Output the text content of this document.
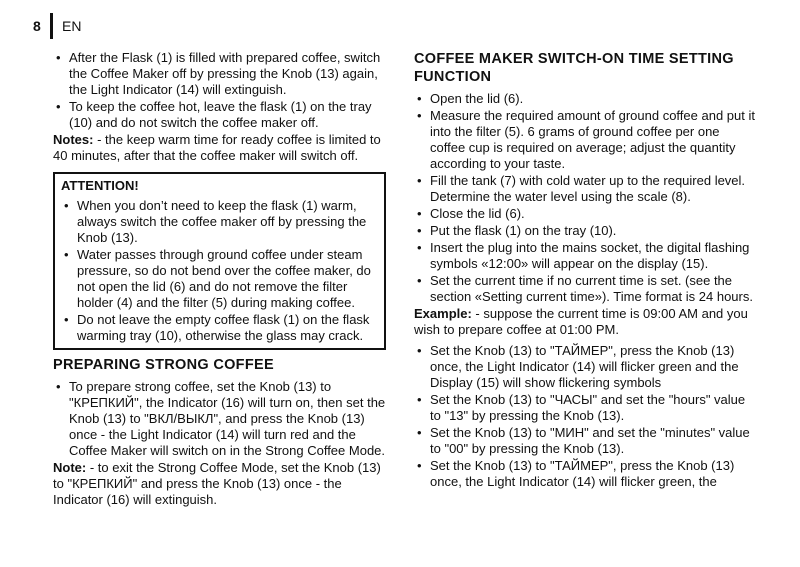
8 EN
• After the Flask (1) is filled with prepared coffee, switch the Coffee Maker off by pressing the Knob (13) again, the Light Indicator (14) will extinguish.
• To keep the coffee hot, leave the flask (1) on the tray (10) and do not switch the coffee maker off.

Notes: - the keep warm time for ready coffee is limited to 40 minutes, after that the coffee maker will switch off.

ATTENTION!
• When you don’t need to keep the flask (1) warm, always switch the coffee maker off by pressing the Knob (13).
• Water passes through ground coffee under steam pressure, so do not bend over the coffee maker, do not open the lid (6) and do not remove the filter holder (4) and the filter (5) during making coffee.
• Do not leave the empty coffee flask (1) on the flask warming tray (10), otherwise the glass may crack.
PREPARING STRONG COFFEE
• To prepare strong coffee, set the Knob (13) to "КРЕПКИЙ", the Indicator (16) will turn on, then set the Knob (13) to "ВКЛ/ВЫКЛ", and press the Knob (13) once - the Light Indicator (14) will turn red and the Coffee Maker will switch on in the Strong Coffee Mode.

Note: - to exit the Strong Coffee Mode, set the Knob (13) to "КРЕПКИЙ" and press the Knob (13) once - the Indicator (16) will extinguish.

COFFEE MAKER SWITCH-ON TIME SETTING FUNCTION
• Open the lid (6).
• Measure the required amount of ground coffee and put it into the filter (5). 6 grams of ground coffee per one coffee cup is required on average; adjust the quantity according to your taste.
• Fill the tank (7) with cold water up to the required level. Determine the water level using the scale (8).
• Close the lid (6).
• Put the flask (1) on the tray (10).
• Insert the plug into the mains socket, the digital flashing symbols «12:00» will appear on the display (15).
• Set the current time if no current time is set. (see the section «Setting current time»). Time format is 24 hours.

Example: - suppose the current time is 09:00 AM and you wish to prepare coffee at 01:00 PM.

• Set the Knob (13) to "ТАЙМЕР", press the Knob (13) once, the Light Indicator (14) will flicker green and the Display (15) will show flickering symbols
• Set the Knob (13) to "ЧАСЫ" and set the "hours" value to "13" by pressing the Knob (13).
• Set the Knob (13) to "МИН" and set the "minutes" value to "00" by pressing the Knob (13).
• Set the Knob (13) to "ТАЙМЕР", press the Knob (13) once, the Light Indicator (14) will flicker green, the
